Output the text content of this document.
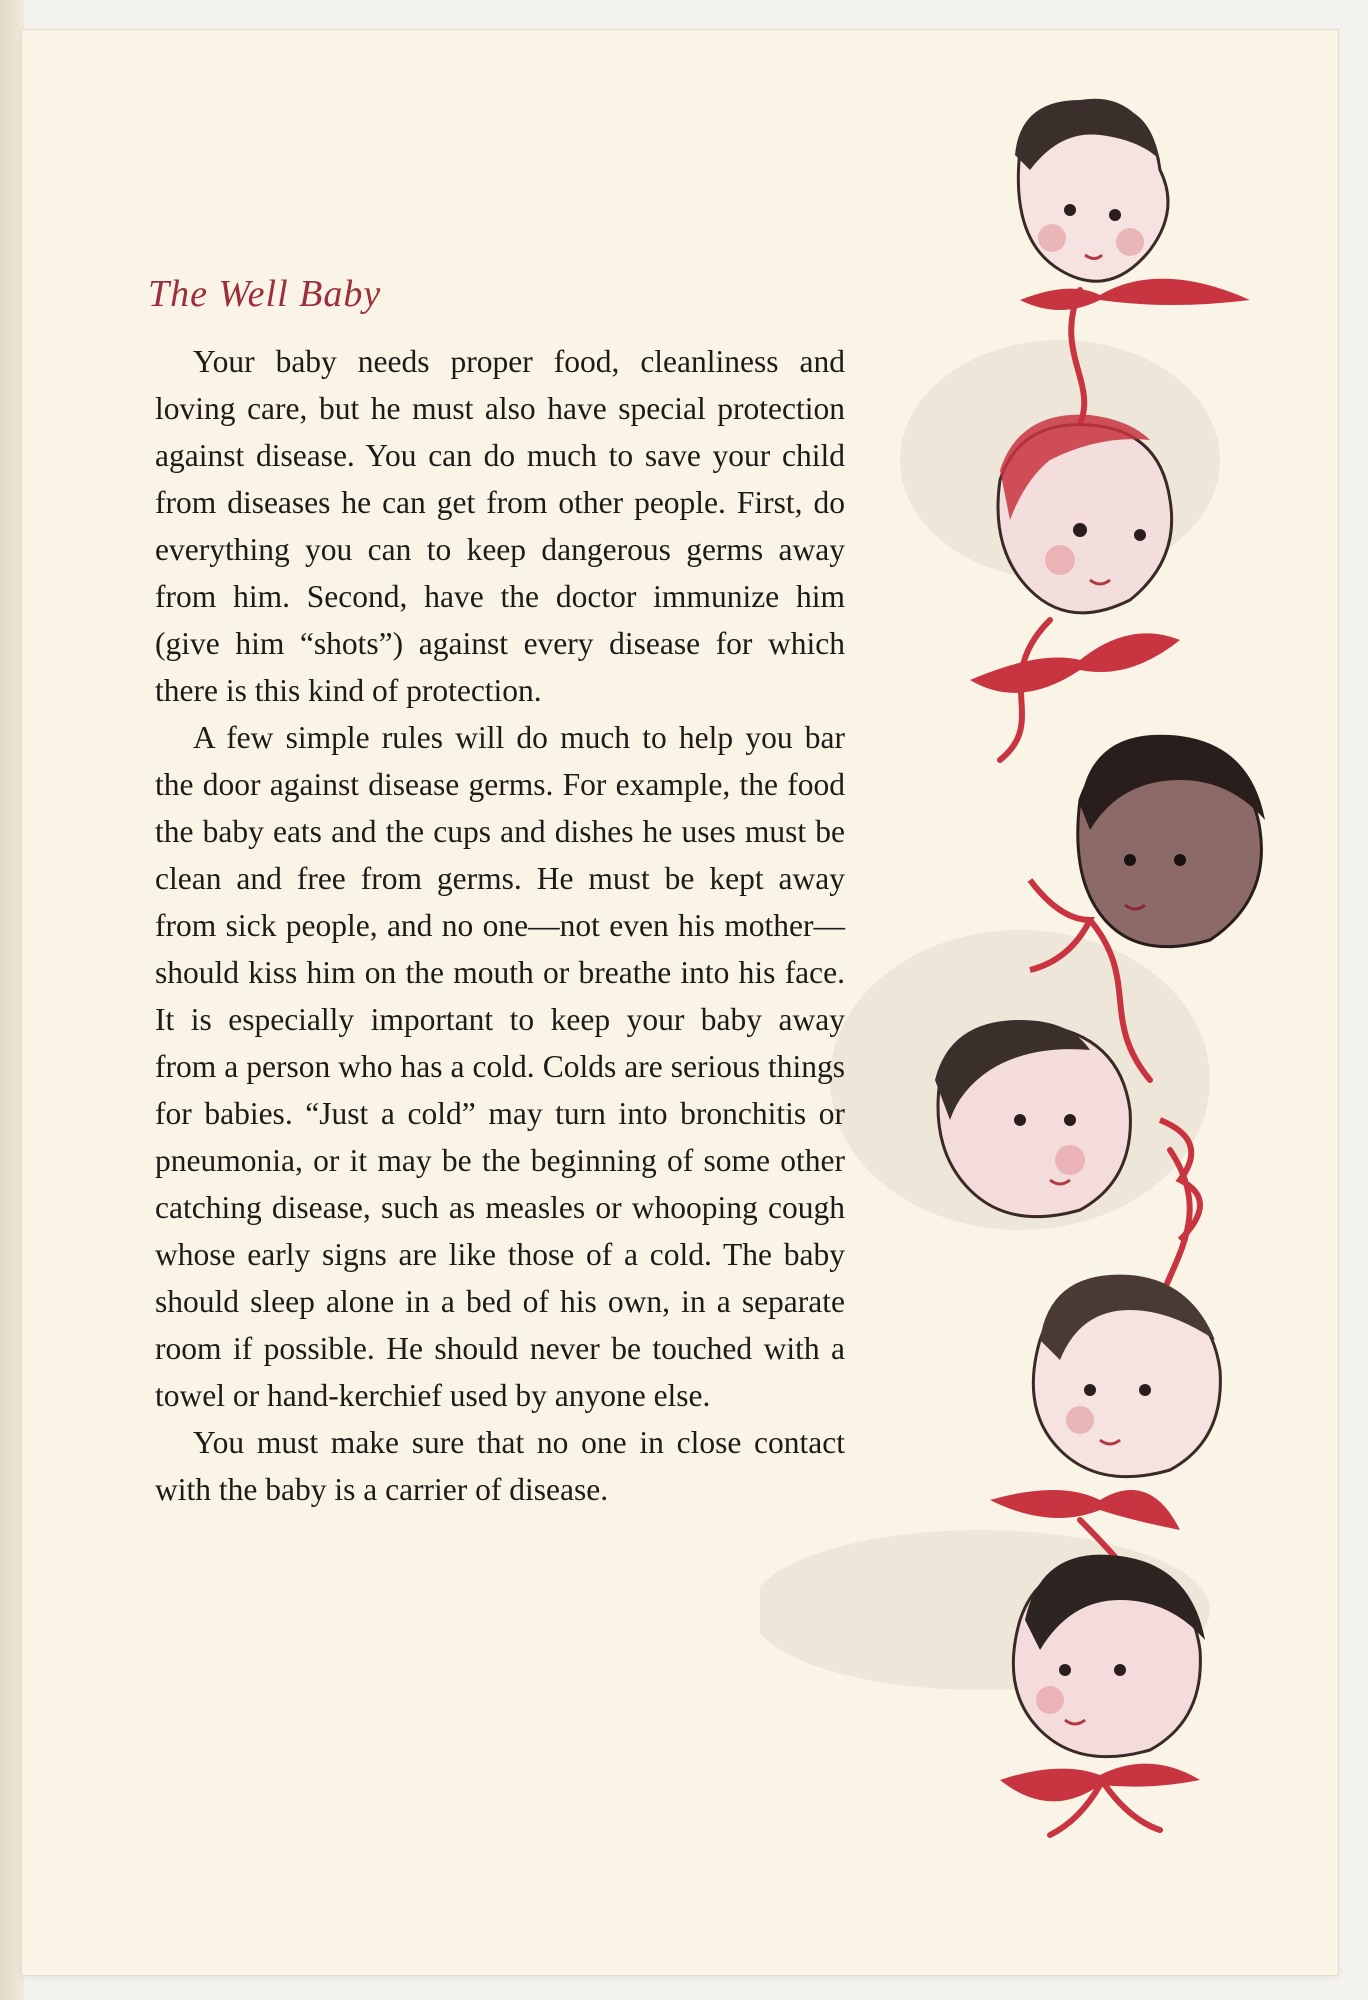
The Well Baby

Your baby needs proper food, cleanliness and loving care, but he must also have special protection against disease. You can do much to save your child from diseases he can get from other people. First, do everything you can to keep dangerous germs away from him. Second, have the doctor immunize him (give him “shots”) against every disease for which there is this kind of protection.

A few simple rules will do much to help you bar the door against disease germs. For example, the food the baby eats and the cups and dishes he uses must be clean and free from germs. He must be kept away from sick people, and no one—not even his mother—should kiss him on the mouth or breathe into his face. It is especially important to keep your baby away from a person who has a cold. Colds are serious things for babies. “Just a cold” may turn into bronchitis or pneumonia, or it may be the beginning of some other catching disease, such as measles or whooping cough whose early signs are like those of a cold. The baby should sleep alone in a bed of his own, in a separate room if possible. He should never be touched with a towel or hand-kerchief used by anyone else.

You must make sure that no one in close contact with the baby is a carrier of disease.
